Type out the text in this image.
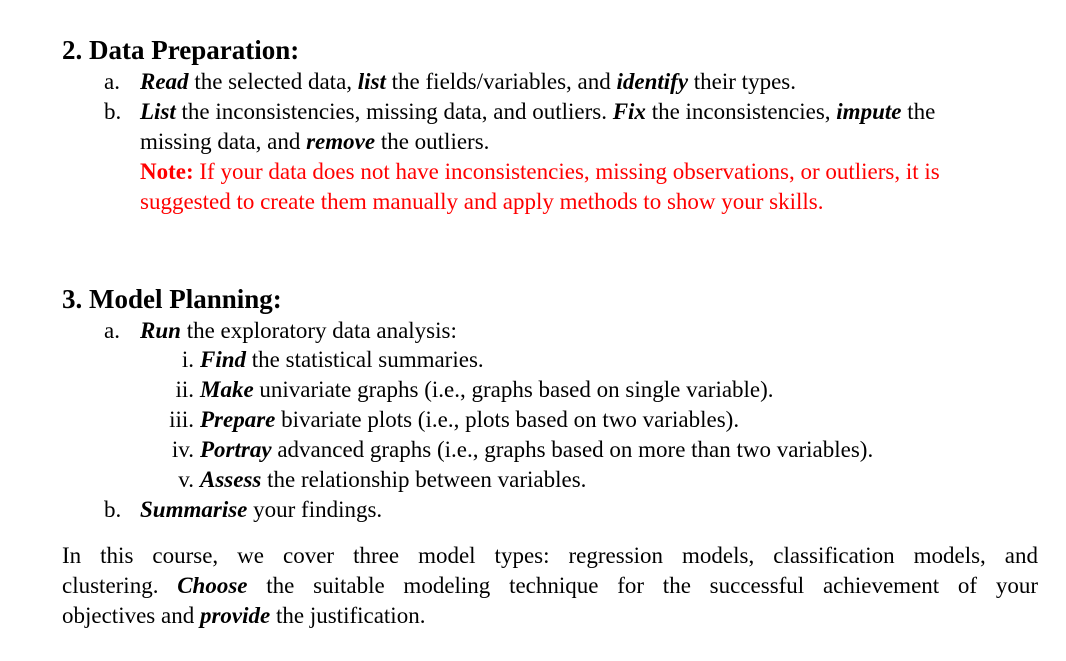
2. Data Preparation:
a. Read the selected data, list the fields/variables, and identify their types.
b. List the inconsistencies, missing data, and outliers. Fix the inconsistencies, impute the
missing data, and remove the outliers.
Note: If your data does not have inconsistencies, missing observations, or outliers, it is
suggested to create them manually and apply methods to show your skills.
3. Model Planning:
a. Run the exploratory data analysis:
i. Find the statistical summaries.
ii. Make univariate graphs (i.e., graphs based on single variable).
iii. Prepare bivariate plots (i.e., plots based on two variables).
iv. Portray advanced graphs (i.e., graphs based on more than two variables).
v. Assess the relationship between variables.
b. Summarise your findings.
In this course, we cover three model types: regression models, classification models, and
clustering. Choose the suitable modeling technique for the successful achievement of your
objectives and provide the justification.
